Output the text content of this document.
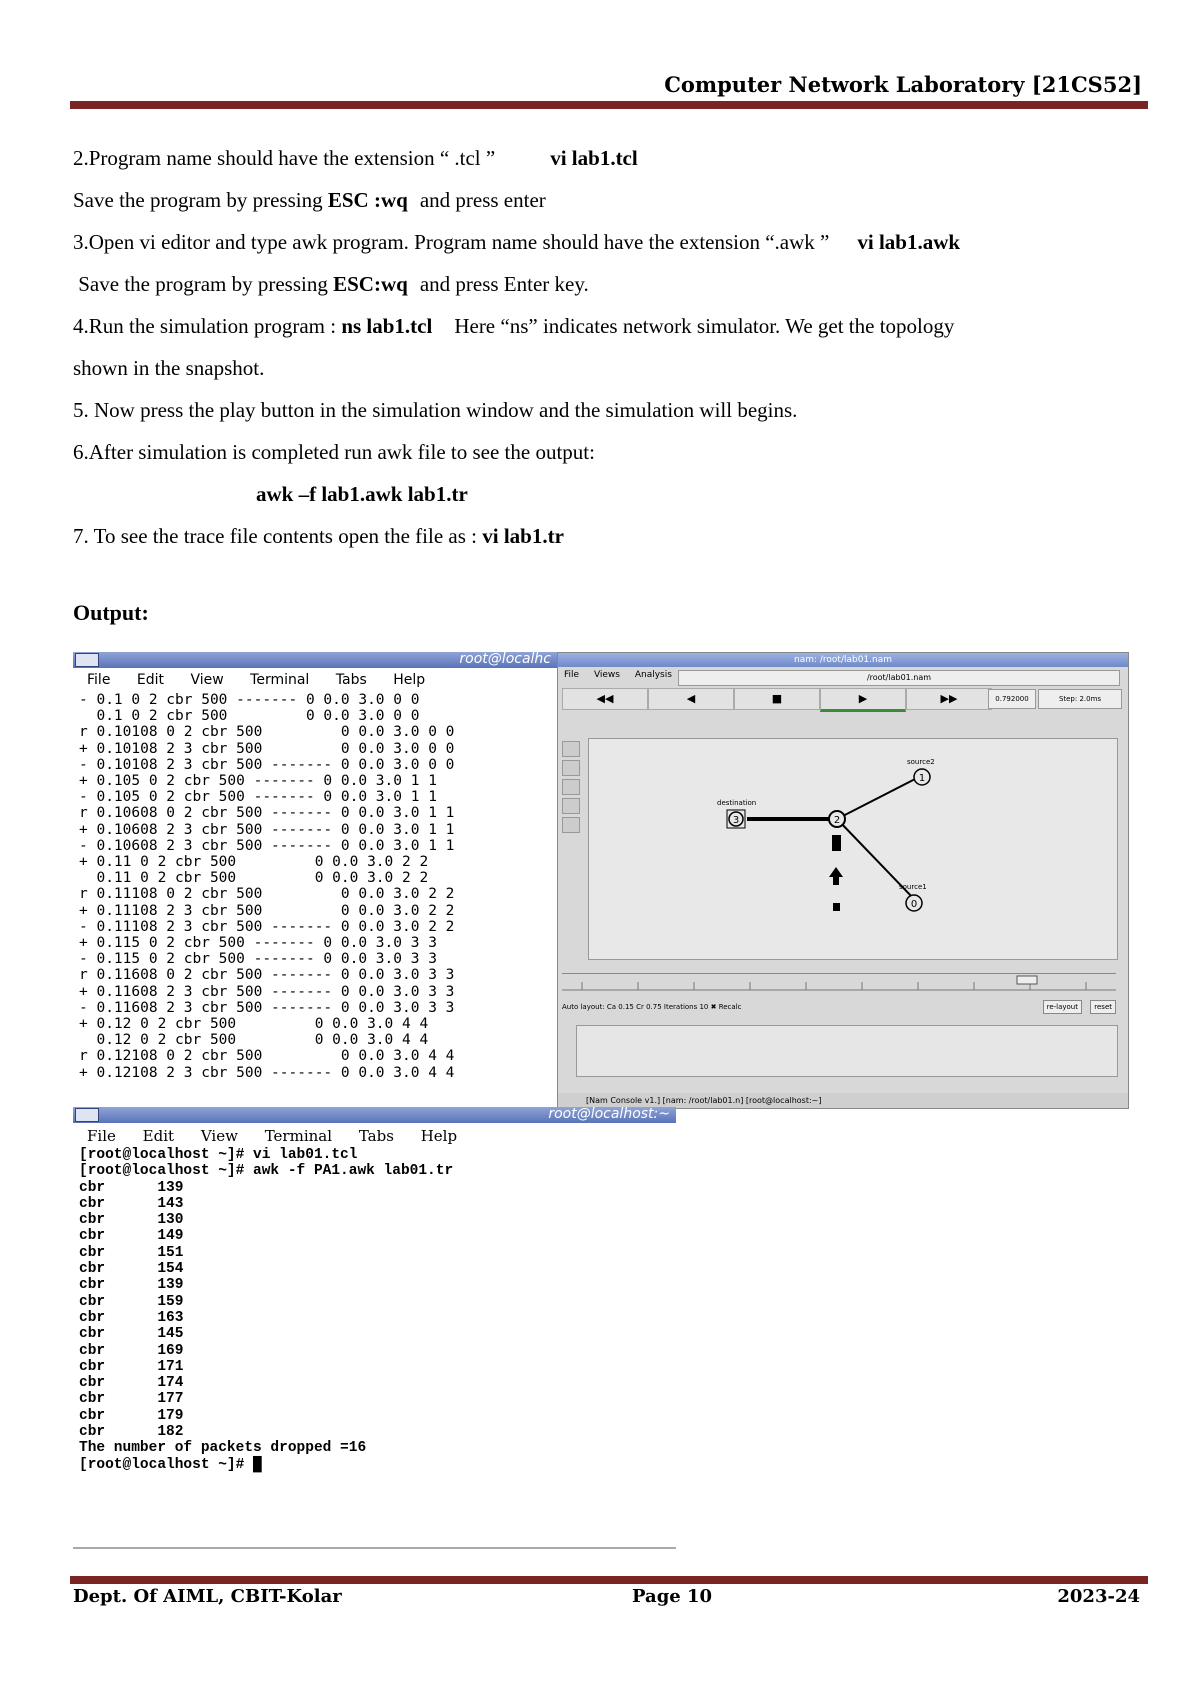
Computer Network Laboratory [21CS52]

2.Program name should have the extension “ .tcl ”	vi lab1.tcl

Save the program by pressing ESC :wq and press enter

3.Open vi editor and type awk program. Program name should have the extension “.awk ” vi lab1.awk

Save the program by pressing ESC:wq and press Enter key.

4.Run the simulation program : ns lab1.tcl Here “ns” indicates network simulator. We get the topology

shown in the snapshot.

5. Now press the play button in the simulation window and the simulation will begins.

6.After simulation is completed run awk file to see the output:

awk –f lab1.awk lab1.tr

7. To see the trace file contents open the file as : vi lab1.tr

Output:
root@localhc
File Edit View Terminal Tabs Help
- 0.1 0 2 cbr 500 ------- 0 0.0 3.0 0 0
0.1 0 2 cbr 500         0 0.0 3.0 0 0
r 0.10108 0 2 cbr 500         0 0.0 3.0 0 0
+ 0.10108 2 3 cbr 500         0 0.0 3.0 0 0
- 0.10108 2 3 cbr 500 ------- 0 0.0 3.0 0 0
+ 0.105 0 2 cbr 500 ------- 0 0.0 3.0 1 1
- 0.105 0 2 cbr 500 ------- 0 0.0 3.0 1 1
r 0.10608 0 2 cbr 500 ------- 0 0.0 3.0 1 1
+ 0.10608 2 3 cbr 500 ------- 0 0.0 3.0 1 1
- 0.10608 2 3 cbr 500 ------- 0 0.0 3.0 1 1
+ 0.11 0 2 cbr 500         0 0.0 3.0 2 2
0.11 0 2 cbr 500         0 0.0 3.0 2 2
r 0.11108 0 2 cbr 500         0 0.0 3.0 2 2
+ 0.11108 2 3 cbr 500         0 0.0 3.0 2 2
- 0.11108 2 3 cbr 500 ------- 0 0.0 3.0 2 2
+ 0.115 0 2 cbr 500 ------- 0 0.0 3.0 3 3
- 0.115 0 2 cbr 500 ------- 0 0.0 3.0 3 3
r 0.11608 0 2 cbr 500 ------- 0 0.0 3.0 3 3
+ 0.11608 2 3 cbr 500 ------- 0 0.0 3.0 3 3
- 0.11608 2 3 cbr 500 ------- 0 0.0 3.0 3 3
+ 0.12 0 2 cbr 500         0 0.0 3.0 4 4
0.12 0 2 cbr 500         0 0.0 3.0 4 4
r 0.12108 0 2 cbr 500         0 0.0 3.0 4 4
+ 0.12108 2 3 cbr 500 ------- 0 0.0 3.0 4 4
nam: /root/lab01.nam
File Views Analysis	/root/lab01.nam
◀◀	◀	■	▶	▶▶	0.792000	Step: 2.0ms
2
3
destination
1
source2
0
source1
Auto layout: Ca 0.15 Cr 0.75 Iterations 10 ✖ Recalc	re-layout	reset
[Nam Console v1.] [nam: /root/lab01.n] [root@localhost:~]
root@localhost:~
File Edit View Terminal Tabs Help
[root@localhost ~]# vi lab01.tcl
[root@localhost ~]# awk -f PA1.awk lab01.tr
cbr      139
cbr      143
cbr      130
cbr      149
cbr      151
cbr      154
cbr      139
cbr      159
cbr      163
cbr      145
cbr      169
cbr      171
cbr      174
cbr      177
cbr      179
cbr      182
The number of packets dropped =16
[root@localhost ~]# █
Dept. Of AIML, CBIT-Kolar	Page 10	2023-24
